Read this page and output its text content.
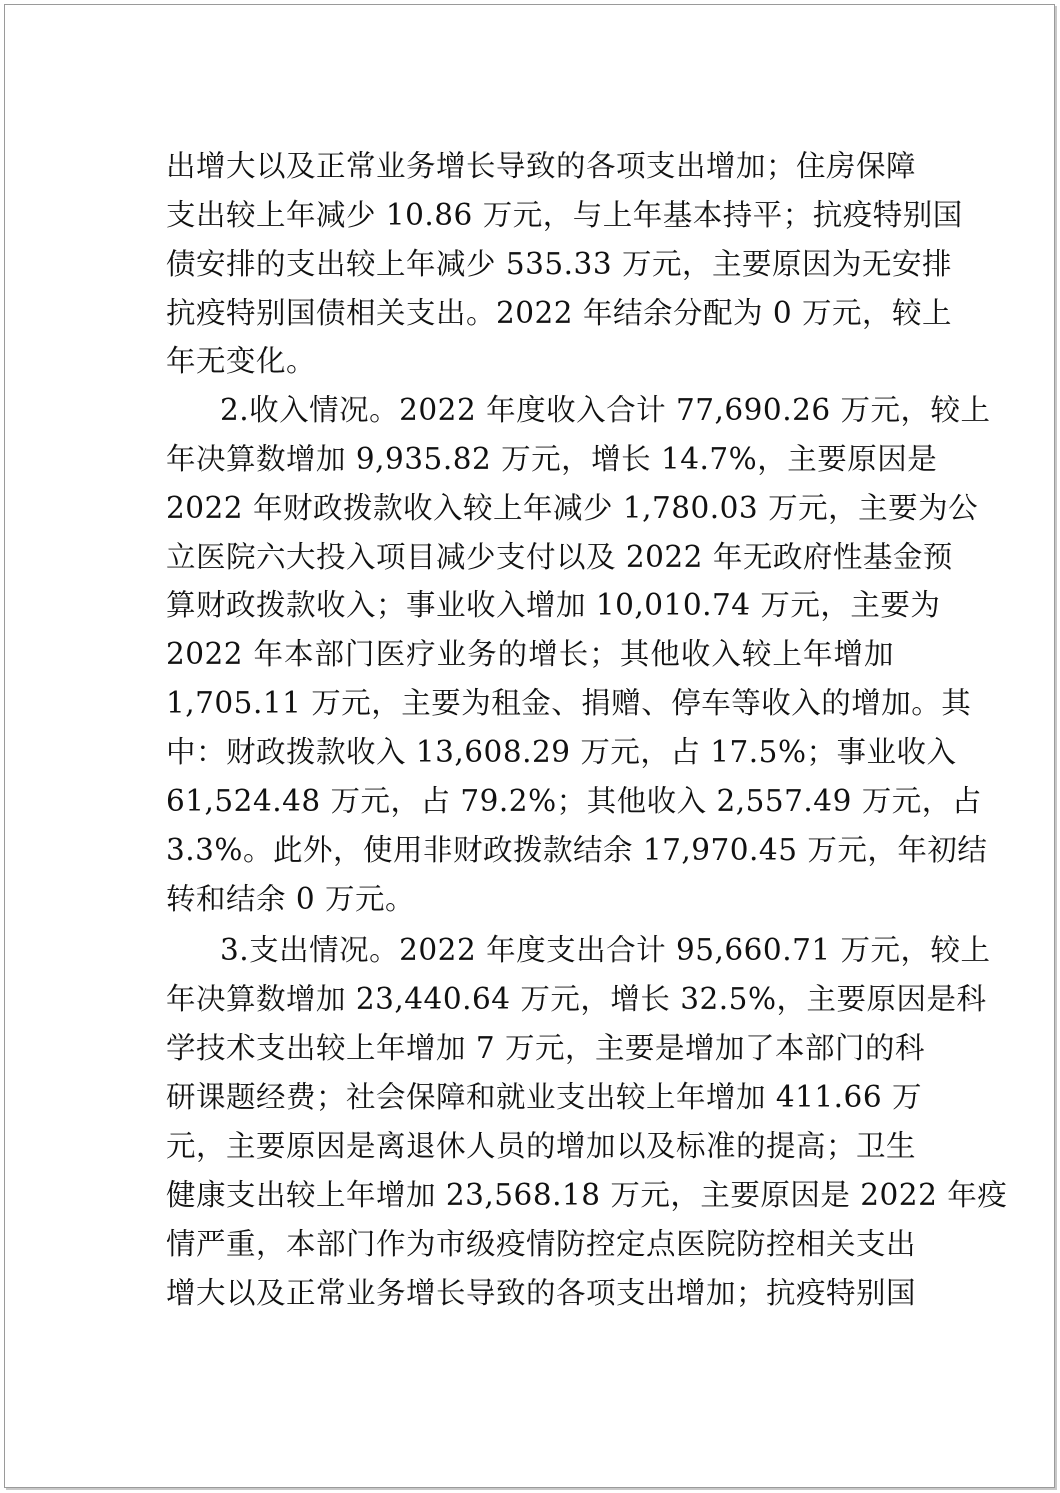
出增大以及正常业务增长导致的各项支出增加；住房保障
支出较上年减少 10.86 万元，与上年基本持平；抗疫特别国
债安排的支出较上年减少 535.33 万元，主要原因为无安排
抗疫特别国债相关支出。2022 年结余分配为 0 万元，较上
年无变化。
2.收入情况。2022 年度收入合计 77,690.26 万元，较上
年决算数增加 9,935.82 万元，增长 14.7%，主要原因是
2022 年财政拨款收入较上年减少 1,780.03 万元，主要为公
立医院六大投入项目减少支付以及 2022 年无政府性基金预
算财政拨款收入；事业收入增加 10,010.74 万元，主要为
2022 年本部门医疗业务的增长；其他收入较上年增加
1,705.11 万元，主要为租金、捐赠、停车等收入的增加。其
中：财政拨款收入 13,608.29 万元，占 17.5%；事业收入
61,524.48 万元，占 79.2%；其他收入 2,557.49 万元，占
3.3%。此外，使用非财政拨款结余 17,970.45 万元，年初结
转和结余 0 万元。
3.支出情况。2022 年度支出合计 95,660.71 万元，较上
年决算数增加 23,440.64 万元，增长 32.5%，主要原因是科
学技术支出较上年增加 7 万元，主要是增加了本部门的科
研课题经费；社会保障和就业支出较上年增加 411.66 万
元，主要原因是离退休人员的增加以及标准的提高；卫生
健康支出较上年增加 23,568.18 万元，主要原因是 2022 年疫
情严重，本部门作为市级疫情防控定点医院防控相关支出
增大以及正常业务增长导致的各项支出增加；抗疫特别国
